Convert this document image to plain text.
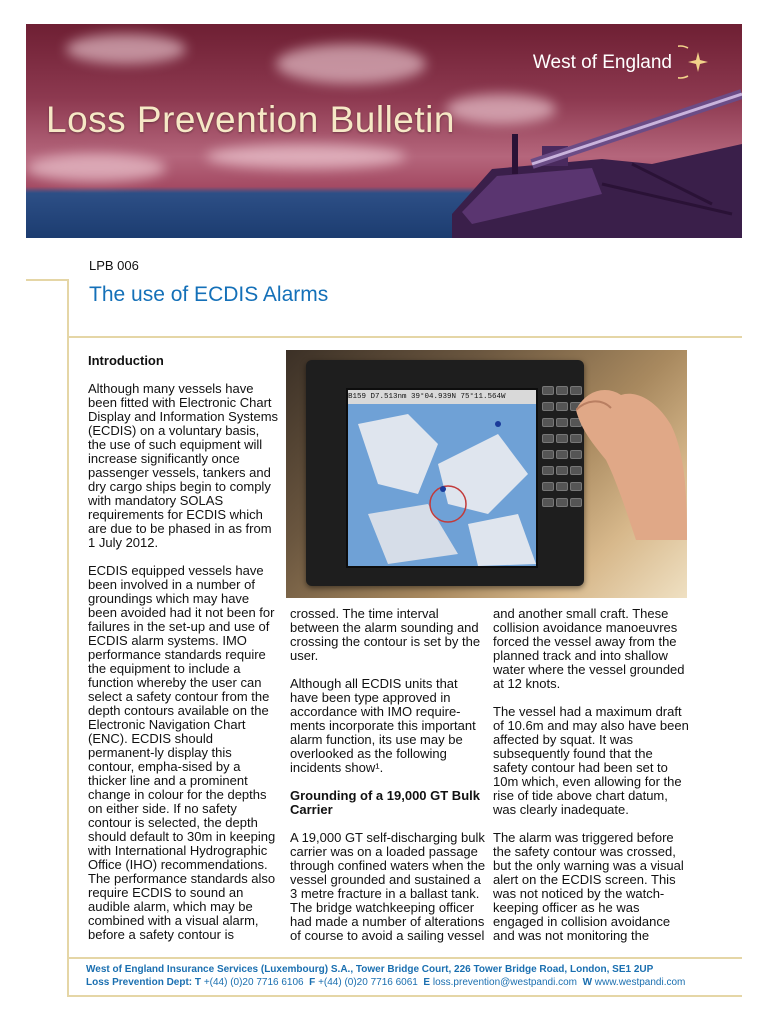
Loss Prevention Bulletin
West of England
LPB 006
The use of ECDIS Alarms
Introduction

Although many vessels have been fitted with Electronic Chart Display and Information Systems (ECDIS) on a voluntary basis, the use of such equipment will increase significantly once passenger vessels, tankers and dry cargo ships begin to comply with mandatory SOLAS requirements for ECDIS which are due to be phased in as from 1 July 2012.

ECDIS equipped vessels have been involved in a number of groundings which may have been avoided had it not been for failures in the set-up and use of ECDIS alarm systems. IMO performance standards require the equipment to include a function whereby the user can select a safety contour from the depth contours available on the Electronic Navigation Chart (ENC). ECDIS should permanent-ly display this contour, empha-sised by a thicker line and a prominent change in colour for the depths on either side. If no safety contour is selected, the depth should default to 30m in keeping with International Hydrographic Office (IHO) recommendations. The performance standards also require ECDIS to sound an audible alarm, which may be combined with a visual alarm, before a safety contour is

B159 D7.513nm 39°04.939N 75°11.564W

crossed. The time interval between the alarm sounding and crossing the contour is set by the user.

Although all ECDIS units that have been type approved in accordance with IMO require-ments incorporate this important alarm function, its use may be overlooked as the following incidents show¹.

Grounding of a 19,000 GT Bulk Carrier

A 19,000 GT self-discharging bulk carrier was on a loaded passage through confined waters when the vessel grounded and sustained a 3 metre fracture in a ballast tank. The bridge watchkeeping officer had made a number of alterations of course to avoid a sailing vessel

and another small craft. These collision avoidance manoeuvres forced the vessel away from the planned track and into shallow water where the vessel grounded at 12 knots.

The vessel had a maximum draft of 10.6m and may also have been affected by squat. It was subsequently found that the safety contour had been set to 10m which, even allowing for the rise of tide above chart datum, was clearly inadequate.

The alarm was triggered before the safety contour was crossed, but the only warning was a visual alert on the ECDIS screen. This was not noticed by the watch-keeping officer as he was engaged in collision avoidance and was not monitoring the

West of England Insurance Services (Luxembourg) S.A., Tower Bridge Court, 226 Tower Bridge Road, London, SE1 2UP
Loss Prevention Dept: T +(44) (0)20 7716 6106 F +(44) (0)20 7716 6061 E loss.prevention@westpandi.com W www.westpandi.com
